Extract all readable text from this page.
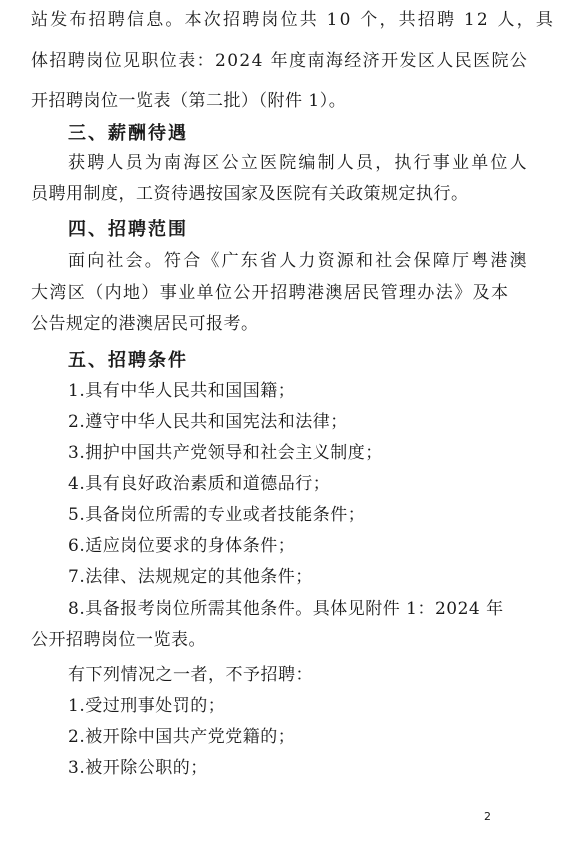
站发布招聘信息。本次招聘岗位共 10 个，共招聘 12 人，具
体招聘岗位见职位表：2024 年度南海经济开发区人民医院公
开招聘岗位一览表（第二批）（附件 1）。
三、薪酬待遇
获聘人员为南海区公立医院编制人员，执行事业单位人
员聘用制度，工资待遇按国家及医院有关政策规定执行。
四、招聘范围
面向社会。符合《广东省人力资源和社会保障厅粤港澳
大湾区（内地）事业单位公开招聘港澳居民管理办法》及本
公告规定的港澳居民可报考。
五、招聘条件
1.具有中华人民共和国国籍；
2.遵守中华人民共和国宪法和法律；
3.拥护中国共产党领导和社会主义制度；
4.具有良好政治素质和道德品行；
5.具备岗位所需的专业或者技能条件；
6.适应岗位要求的身体条件；
7.法律、法规规定的其他条件；
8.具备报考岗位所需其他条件。具体见附件 1：2024 年
公开招聘岗位一览表。
有下列情况之一者，不予招聘：
1.受过刑事处罚的；
2.被开除中国共产党党籍的；
3.被开除公职的；
2
